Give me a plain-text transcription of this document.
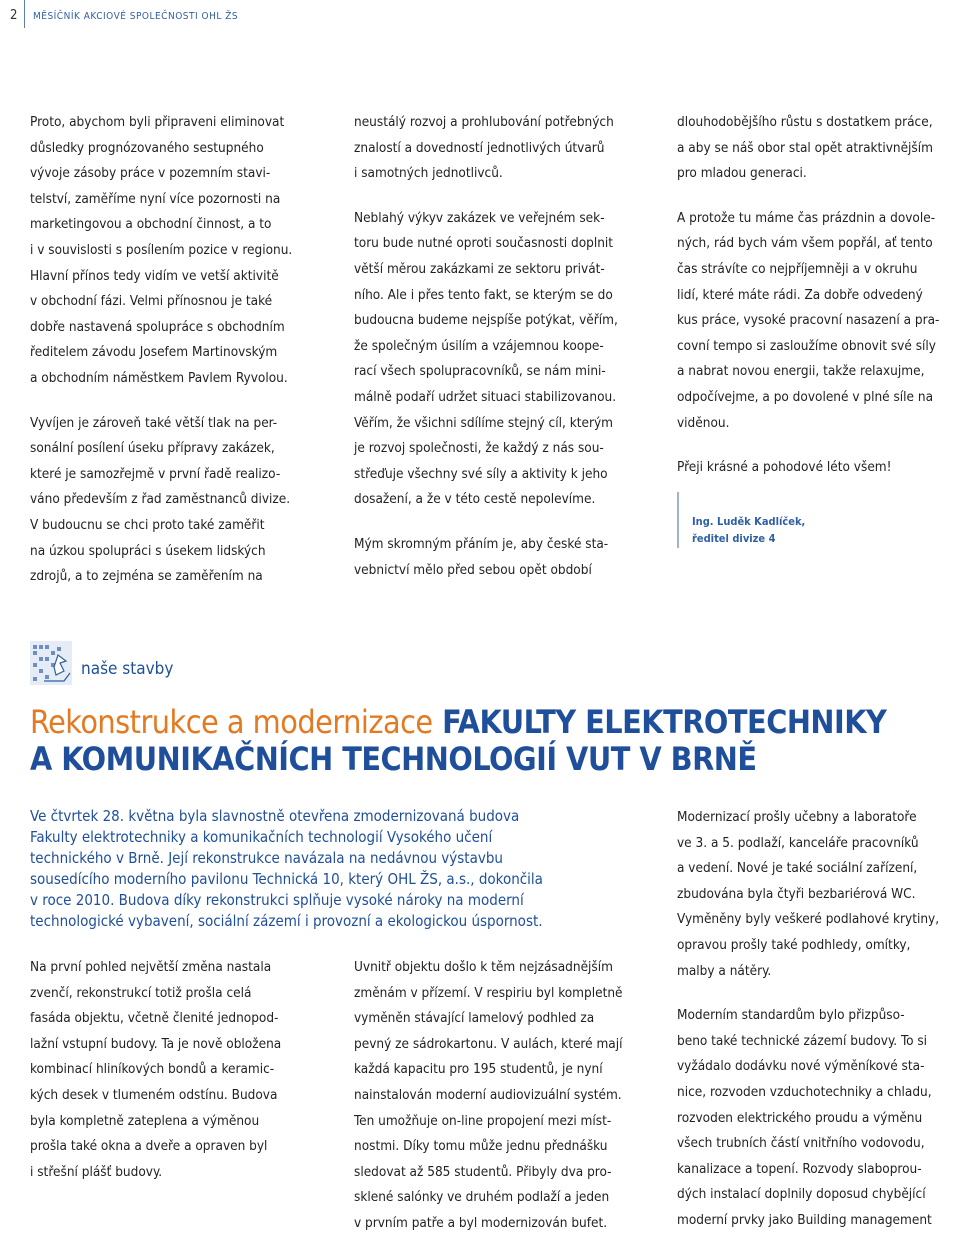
2 MĚSÍČNÍK AKCIOVÉ SPOLEČNOSTI OHL ŽS

Proto, abychom byli připraveni eliminovat
důsledky prognózovaného sestupného
vývoje zásoby práce v pozemním stavi-
telství, zaměříme nyní více pozornosti na
marketingovou a obchodní činnost, a to
i v souvislosti s posílením pozice v regionu.
Hlavní přínos tedy vidím ve vetší aktivitě
v obchodní fázi. Velmi přínosnou je také
dobře nastavená spolupráce s obchodním
ředitelem závodu Josefem Martinovským
a obchodním náměstkem Pavlem Ryvolou.

Vyvíjen je zároveň také větší tlak na per-
sonální posílení úseku přípravy zakázek,
které je samozřejmě v první řadě realizo-
váno především z řad zaměstnanců divize.
V budoucnu se chci proto také zaměřit
na úzkou spolupráci s úsekem lidských
zdrojů, a to zejména se zaměřením na

neustálý rozvoj a prohlubování potřebných
znalostí a dovedností jednotlivých útvarů
i samotných jednotlivců.

Neblahý výkyv zakázek ve veřejném sek-
toru bude nutné oproti současnosti doplnit
větší měrou zakázkami ze sektoru privát-
ního. Ale i přes tento fakt, se kterým se do
budoucna budeme nejspíše potýkat, věřím,
že společným úsilím a vzájemnou koope-
rací všech spolupracovníků, se nám mini-
málně podaří udržet situaci stabilizovanou.
Věřím, že všichni sdílíme stejný cíl, kterým
je rozvoj společnosti, že každý z nás sou-
střeďuje všechny své síly a aktivity k jeho
dosažení, a že v této cestě nepolevíme.

Mým skromným přáním je, aby české sta-
vebnictví mělo před sebou opět období

dlouhodobějšího růstu s dostatkem práce,
a aby se náš obor stal opět atraktivnějším
pro mladou generaci.

A protože tu máme čas prázdnin a dovole-
ných, rád bych vám všem popřál, ať tento
čas strávíte co nejpříjemněji a v okruhu
lidí, které máte rádi. Za dobře odvedený
kus práce, vysoké pracovní nasazení a pra-
covní tempo si zasloužíme obnovit své síly
a nabrat novou energii, takže relaxujme,
odpočívejme, a po dovolené v plné síle na
viděnou.

Přeji krásné a pohodové léto všem!

Ing. Luděk Kadlíček,
ředitel divize 4
naše stavby
Rekonstrukce a modernizace FAKULTY ELEKTROTECHNIKY
A KOMUNIKAČNÍCH TECHNOLOGIÍ VUT V BRNĚ
Ve čtvrtek 28. května byla slavnostně otevřena zmodernizovaná budova
Fakulty elektrotechniky a komunikačních technologií Vysokého učení
technického v Brně. Její rekonstrukce navázala na nedávnou výstavbu
sousedícího moderního pavilonu Technická 10, který OHL ŽS, a.s., dokončila
v roce 2010. Budova díky rekonstrukci splňuje vysoké nároky na moderní
technologické vybavení, sociální zázemí i provozní a ekologickou úspornost.

Na první pohled největší změna nastala
zvenčí, rekonstrukcí totiž prošla celá
fasáda objektu, včetně členité jednopod-
lažní vstupní budovy. Ta je nově obložena
kombinací hliníkových bondů a keramic-
kých desek v tlumeném odstínu. Budova
byla kompletně zateplena a výměnou
prošla také okna a dveře a opraven byl
i střešní plášť budovy.

Uvnitř objektu došlo k těm nejzásadnějším
změnám v přízemí. V respiriu byl kompletně
vyměněn stávající lamelový podhled za
pevný ze sádrokartonu. V aulách, které mají
každá kapacitu pro 195 studentů, je nyní
nainstalován moderní audiovizuální systém.
Ten umožňuje on-line propojení mezi míst-
nostmi. Díky tomu může jednu přednášku
sledovat až 585 studentů. Přibyly dva pro-
sklené salónky ve druhém podlaží a jeden
v prvním patře a byl modernizován bufet.

Modernizací prošly učebny a laboratoře
ve 3. a 5. podlaží, kanceláře pracovníků
a vedení. Nové je také sociální zařízení,
zbudována byla čtyři bezbariérová WC.
Vyměněny byly veškeré podlahové krytiny,
opravou prošly také podhledy, omítky,
malby a nátěry.

Moderním standardům bylo přizpůso-
beno také technické zázemí budovy. To si
vyžádalo dodávku nové výměníkové sta-
nice, rozvoden vzduchotechniky a chladu,
rozvoden elektrického proudu a výměnu
všech trubních částí vnitřního vodovodu,
kanalizace a topení. Rozvody slaboprou-
dých instalací doplnily doposud chybějící
moderní prvky jako Building management
